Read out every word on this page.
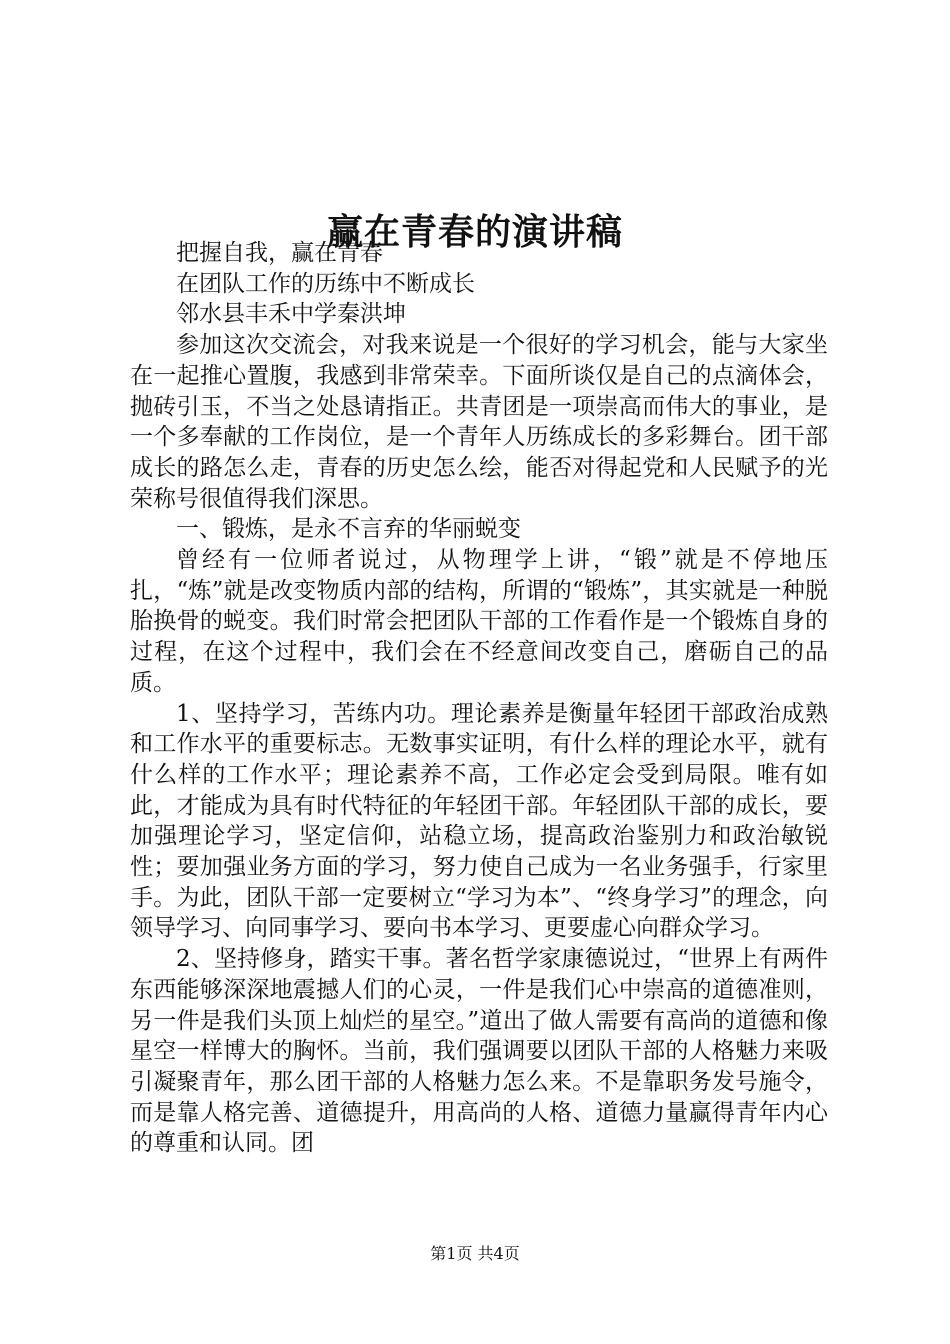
赢在青春的演讲稿

把握自我，赢在青春

在团队工作的历练中不断成长

邻水县丰禾中学秦洪坤

参加这次交流会，对我来说是一个很好的学习机会，能与大家坐在一起推心置腹，我感到非常荣幸。下面所谈仅是自己的点滴体会，抛砖引玉，不当之处恳请指正。共青团是一项崇高而伟大的事业，是一个多奉献的工作岗位，是一个青年人历练成长的多彩舞台。团干部成长的路怎么走，青春的历史怎么绘，能否对得起党和人民赋予的光荣称号很值得我们深思。

一、锻炼，是永不言弃的华丽蜕变

曾经有一位师者说过，从物理学上讲，“锻”就是不停地压扎，“炼”就是改变物质内部的结构，所谓的“锻炼”，其实就是一种脱胎换骨的蜕变。我们时常会把团队干部的工作看作是一个锻炼自身的过程，在这个过程中，我们会在不经意间改变自己，磨砺自己的品质。

1、坚持学习，苦练内功。理论素养是衡量年轻团干部政治成熟和工作水平的重要标志。无数事实证明，有什么样的理论水平，就有什么样的工作水平；理论素养不高，工作必定会受到局限。唯有如此，才能成为具有时代特征的年轻团干部。年轻团队干部的成长，要加强理论学习，坚定信仰，站稳立场，提高政治鉴别力和政治敏锐性；要加强业务方面的学习，努力使自己成为一名业务强手，行家里手。为此，团队干部一定要树立“学习为本”、“终身学习”的理念，向领导学习、向同事学习、要向书本学习、更要虚心向群众学习。

2、坚持修身，踏实干事。著名哲学家康德说过，“世界上有两件东西能够深深地震撼人们的心灵，一件是我们心中崇高的道德准则，另一件是我们头顶上灿烂的星空。”道出了做人需要有高尚的道德和像星空一样博大的胸怀。当前，我们强调要以团队干部的人格魅力来吸引凝聚青年，那么团干部的人格魅力怎么来。不是靠职务发号施令，而是靠人格完善、道德提升，用高尚的人格、道德力量赢得青年内心的尊重和认同。团

第1页 共4页
